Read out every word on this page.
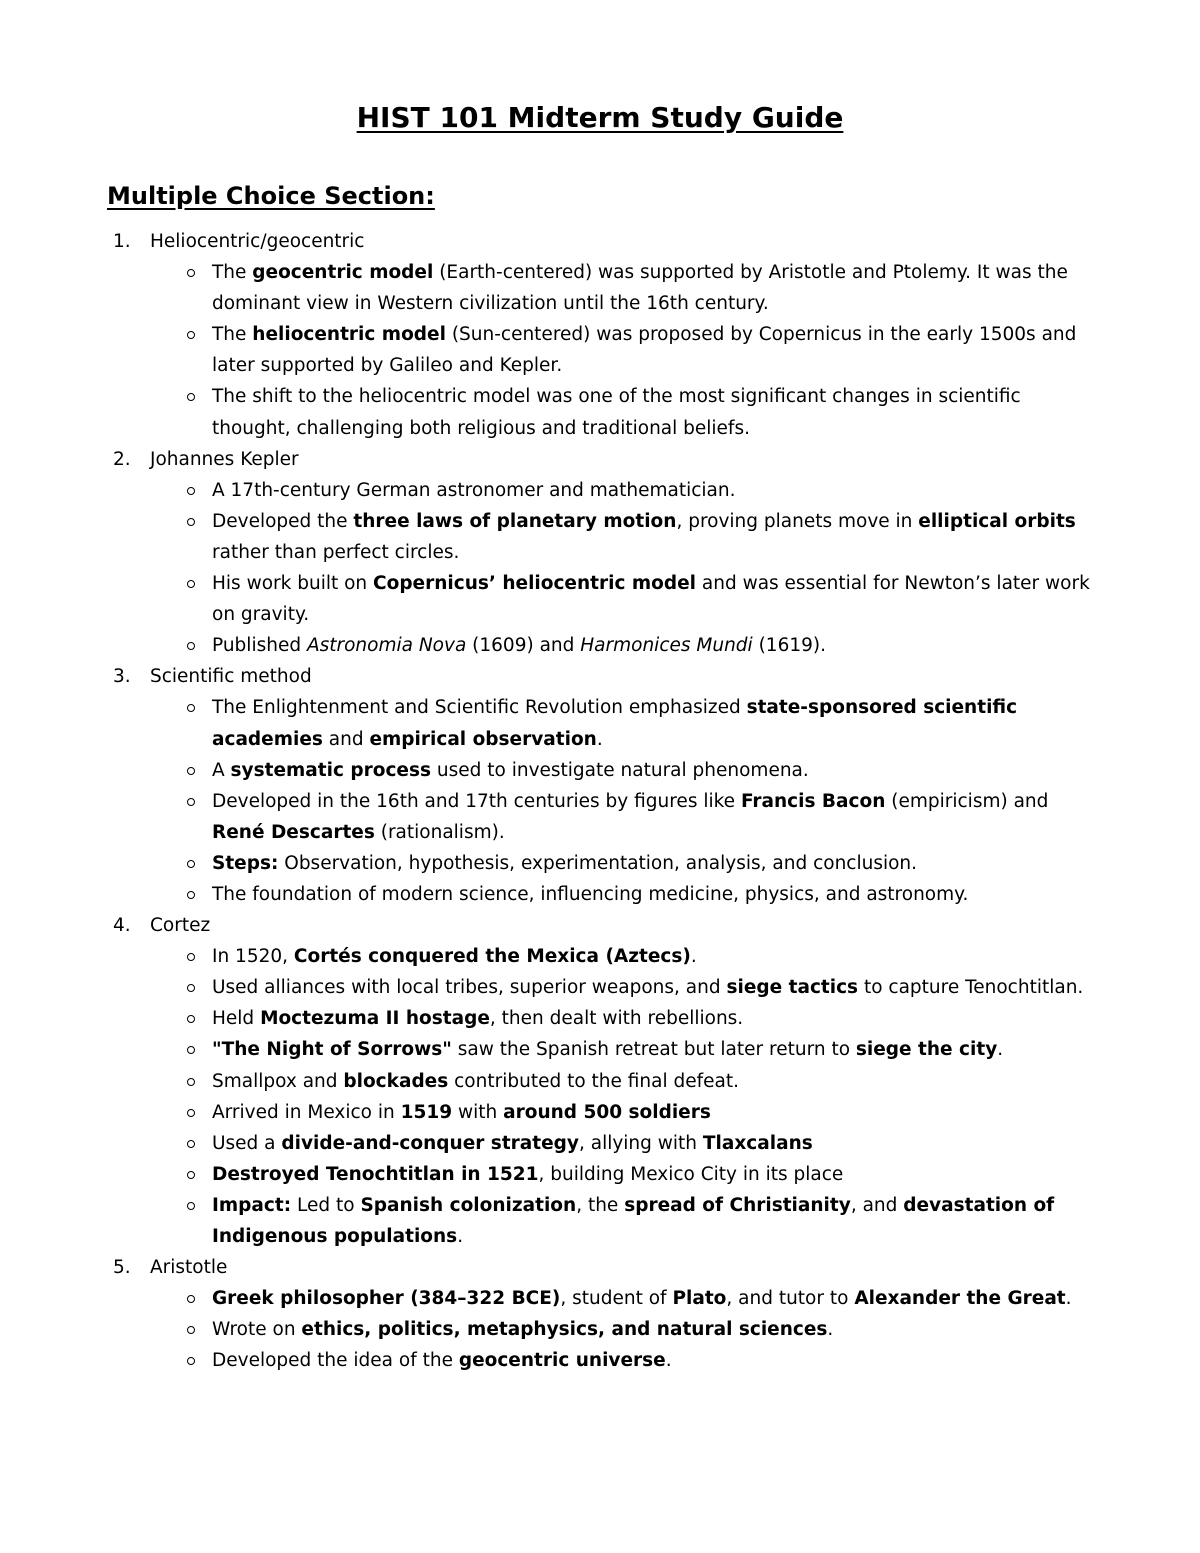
HIST 101 Midterm Study Guide
Multiple Choice Section:
1. Heliocentric/geocentric
The geocentric model (Earth-centered) was supported by Aristotle and Ptolemy. It was the dominant view in Western civilization until the 16th century.
The heliocentric model (Sun-centered) was proposed by Copernicus in the early 1500s and later supported by Galileo and Kepler.
The shift to the heliocentric model was one of the most significant changes in scientific thought, challenging both religious and traditional beliefs.
2. Johannes Kepler
A 17th-century German astronomer and mathematician.
Developed the three laws of planetary motion, proving planets move in elliptical orbits rather than perfect circles.
His work built on Copernicus’ heliocentric model and was essential for Newton’s later work on gravity.
Published Astronomia Nova (1609) and Harmonices Mundi (1619).
3. Scientific method
The Enlightenment and Scientific Revolution emphasized state-sponsored scientific academies and empirical observation.
A systematic process used to investigate natural phenomena.
Developed in the 16th and 17th centuries by figures like Francis Bacon (empiricism) and René Descartes (rationalism).
Steps: Observation, hypothesis, experimentation, analysis, and conclusion.
The foundation of modern science, influencing medicine, physics, and astronomy.
4. Cortez
In 1520, Cortés conquered the Mexica (Aztecs).
Used alliances with local tribes, superior weapons, and siege tactics to capture Tenochtitlan.
Held Moctezuma II hostage, then dealt with rebellions.
"The Night of Sorrows" saw the Spanish retreat but later return to siege the city.
Smallpox and blockades contributed to the final defeat.
Arrived in Mexico in 1519 with around 500 soldiers
Used a divide-and-conquer strategy, allying with Tlaxcalans
Destroyed Tenochtitlan in 1521, building Mexico City in its place
Impact: Led to Spanish colonization, the spread of Christianity, and devastation of Indigenous populations.
5. Aristotle
Greek philosopher (384–322 BCE), student of Plato, and tutor to Alexander the Great.
Wrote on ethics, politics, metaphysics, and natural sciences.
Developed the idea of the geocentric universe.
